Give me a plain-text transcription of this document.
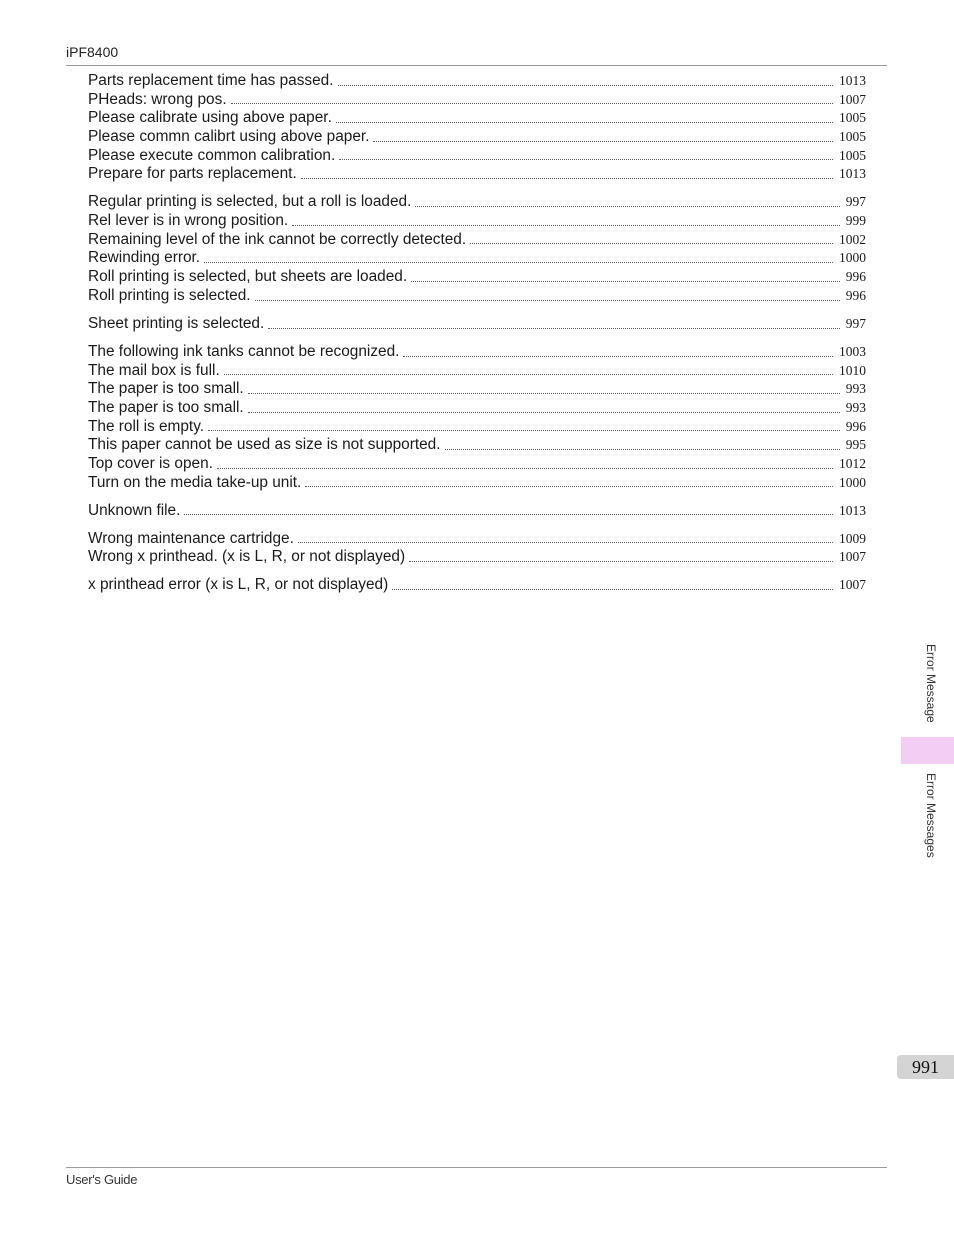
iPF8400
Parts replacement time has passed.	1013
PHeads: wrong pos.	1007
Please calibrate using above paper.	1005
Please commn calibrt using above paper.	1005
Please execute common calibration.	1005
Prepare for parts replacement.	1013
Regular printing is selected, but a roll is loaded.	997
Rel lever is in wrong position.	999
Remaining level of the ink cannot be correctly detected.	1002
Rewinding error.	1000
Roll printing is selected, but sheets are loaded.	996
Roll printing is selected.	996
Sheet printing is selected.	997
The following ink tanks cannot be recognized.	1003
The mail box is full.	1010
The paper is too small.	993
The paper is too small.	993
The roll is empty.	996
This paper cannot be used as size is not supported.	995
Top cover is open.	1012
Turn on the media take-up unit.	1000
Unknown file.	1013
Wrong maintenance cartridge.	1009
Wrong x printhead. (x is L, R, or not displayed)	1007
x printhead error (x is L, R, or not displayed)	1007
Error Message
Error Messages
991
User's Guide
